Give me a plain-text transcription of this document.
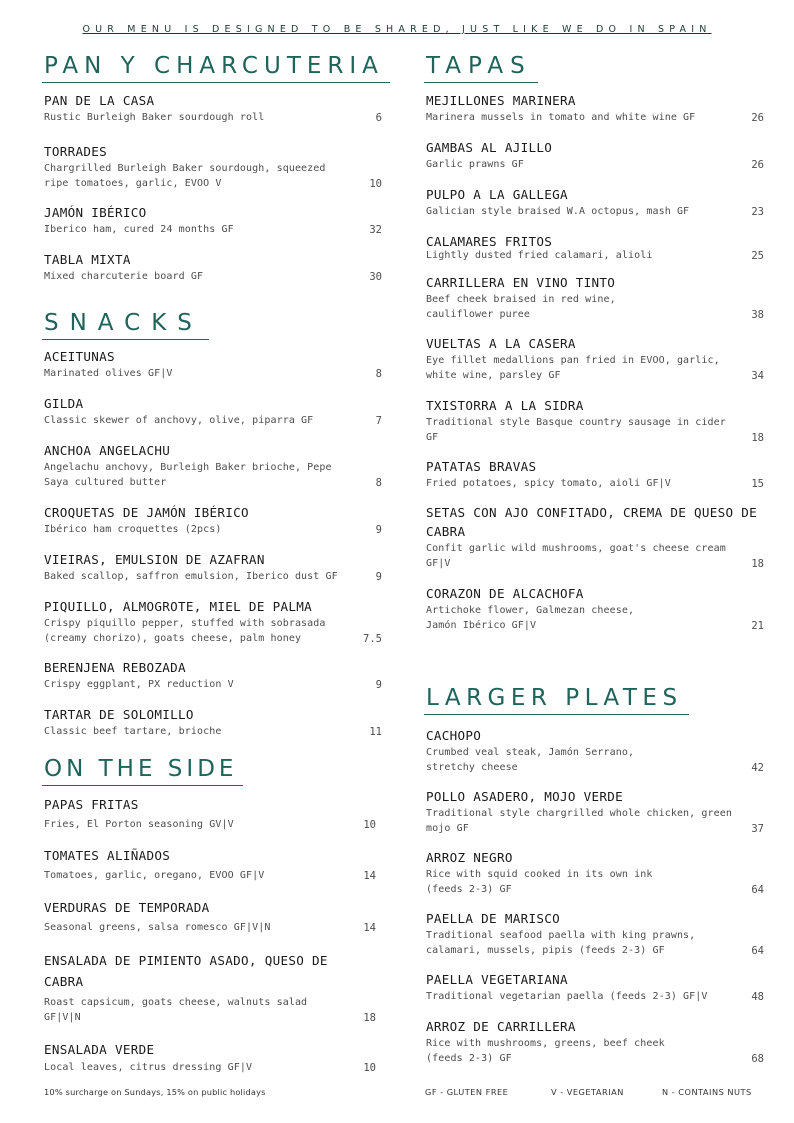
OUR MENU IS DESIGNED TO BE SHARED, JUST LIKE WE DO IN SPAIN
PAN Y CHARCUTERIA
PAN DE LA CASA
Rustic Burleigh Baker sourdough roll	6
TORRADES
Chargrilled Burleigh Baker sourdough, squeezed ripe tomatoes, garlic, EVOO V	10
JAMÓN IBÉRICO
Iberico ham, cured 24 months GF	32
TABLA MIXTA
Mixed charcuterie board GF	30
SNACKS
ACEITUNAS
Marinated olives GF|V	8
GILDA
Classic skewer of anchovy, olive, piparra GF	7
ANCHOA ANGELACHU
Angelachu anchovy, Burleigh Baker brioche, Pepe Saya cultured butter	8
CROQUETAS DE JAMÓN IBÉRICO
Ibérico ham croquettes (2pcs)	9
VIEIRAS, EMULSION DE AZAFRAN
Baked scallop, saffron emulsion, Iberico dust GF	9
PIQUILLO, ALMOGROTE, MIEL DE PALMA
Crispy piquillo pepper, stuffed with sobrasada (creamy chorizo), goats cheese, palm honey	7.5
BERENJENA REBOZADA
Crispy eggplant, PX reduction V	9
TARTAR DE SOLOMILLO
Classic beef tartare, brioche	11
ON THE SIDE
PAPAS FRITAS
Fries, El Porton seasoning GV|V	10
TOMATES ALIÑADOS
Tomatoes, garlic, oregano, EVOO GF|V	14
VERDURAS DE TEMPORADA
Seasonal greens, salsa romesco GF|V|N	14
ENSALADA DE PIMIENTO ASADO, QUESO DE CABRA
Roast capsicum, goats cheese, walnuts salad GF|V|N	18
ENSALADA VERDE
Local leaves, citrus dressing GF|V	10
TAPAS
MEJILLONES MARINERA
Marinera mussels in tomato and white wine GF	26
GAMBAS AL AJILLO
Garlic prawns GF	26
PULPO A LA GALLEGA
Galician style braised W.A octopus, mash GF	23
CALAMARES FRITOS
Lightly dusted fried calamari, alioli	25
CARRILLERA EN VINO TINTO
Beef cheek braised in red wine, cauliflower puree	38
VUELTAS A LA CASERA
Eye fillet medallions pan fried in EVOO, garlic, white wine, parsley GF	34
TXISTORRA A LA SIDRA
Traditional style Basque country sausage in cider GF	18
PATATAS BRAVAS
Fried potatoes, spicy tomato, aioli GF|V	15
SETAS CON AJO CONFITADO, CREMA DE QUESO DE CABRA
Confit garlic wild mushrooms, goat's cheese cream GF|V	18
CORAZON DE ALCACHOFA
Artichoke flower, Galmezan cheese, Jamón Ibérico GF|V	21
LARGER PLATES
CACHOPO
Crumbed veal steak, Jamón Serrano, stretchy cheese	42
POLLO ASADERO, MOJO VERDE
Traditional style chargrilled whole chicken, green mojo GF	37
ARROZ NEGRO
Rice with squid cooked in its own ink (feeds 2-3) GF	64
PAELLA DE MARISCO
Traditional seafood paella with king prawns, calamari, mussels, pipis (feeds 2-3) GF	64
PAELLA VEGETARIANA
Traditional vegetarian paella (feeds 2-3) GF|V	48
ARROZ DE CARRILLERA
Rice with mushrooms, greens, beef cheek (feeds 2-3) GF	68
10% surcharge on Sundays, 15% on public holidays	GF - GLUTEN FREE	V - VEGETARIAN	N - CONTAINS NUTS
